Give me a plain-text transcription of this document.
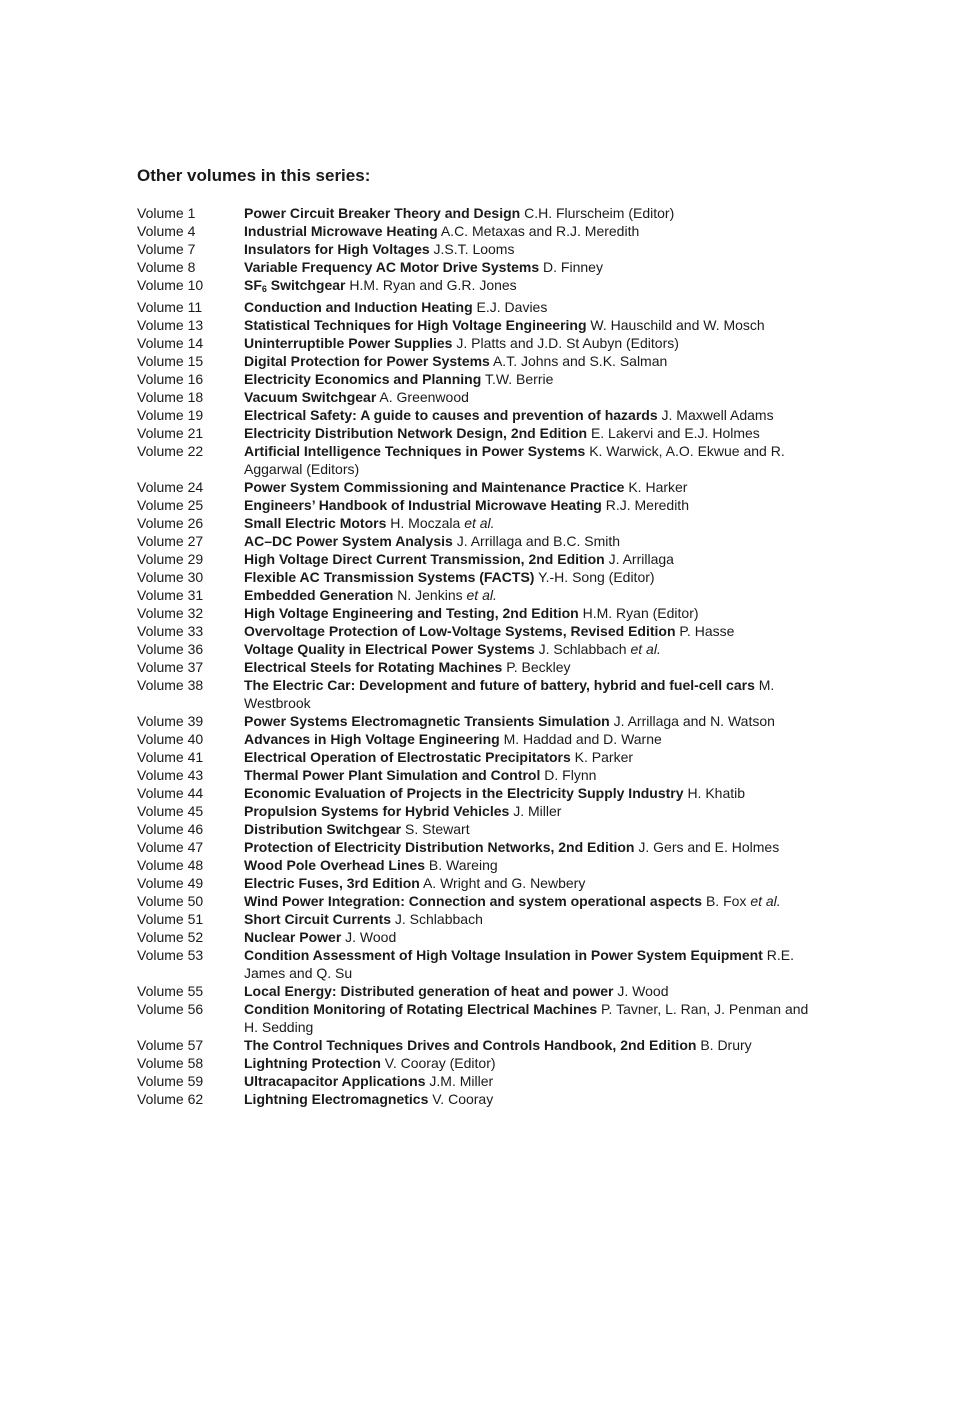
Other volumes in this series:
Volume 1	Power Circuit Breaker Theory and Design C.H. Flurscheim (Editor)
Volume 4	Industrial Microwave Heating A.C. Metaxas and R.J. Meredith
Volume 7	Insulators for High Voltages J.S.T. Looms
Volume 8	Variable Frequency AC Motor Drive Systems D. Finney
Volume 10	$SF_6$ Switchgear H.M. Ryan and G.R. Jones
Volume 11	Conduction and Induction Heating E.J. Davies
Volume 13	Statistical Techniques for High Voltage Engineering W. Hauschild and W. Mosch
Volume 14	Uninterruptible Power Supplies J. Platts and J.D. St Aubyn (Editors)
Volume 15	Digital Protection for Power Systems A.T. Johns and S.K. Salman
Volume 16	Electricity Economics and Planning T.W. Berrie
Volume 18	Vacuum Switchgear A. Greenwood
Volume 19	Electrical Safety: A guide to causes and prevention of hazards J. Maxwell Adams
Volume 21	Electricity Distribution Network Design, 2nd Edition E. Lakervi and E.J. Holmes
Volume 22	Artificial Intelligence Techniques in Power Systems K. Warwick, A.O. Ekwue and R. Aggarwal (Editors)
Volume 24	Power System Commissioning and Maintenance Practice K. Harker
Volume 25	Engineers’ Handbook of Industrial Microwave Heating R.J. Meredith
Volume 26	Small Electric Motors H. Moczala et al.
Volume 27	AC–DC Power System Analysis J. Arrillaga and B.C. Smith
Volume 29	High Voltage Direct Current Transmission, 2nd Edition J. Arrillaga
Volume 30	Flexible AC Transmission Systems (FACTS) Y.-H. Song (Editor)
Volume 31	Embedded Generation N. Jenkins et al.
Volume 32	High Voltage Engineering and Testing, 2nd Edition H.M. Ryan (Editor)
Volume 33	Overvoltage Protection of Low-Voltage Systems, Revised Edition P. Hasse
Volume 36	Voltage Quality in Electrical Power Systems J. Schlabbach et al.
Volume 37	Electrical Steels for Rotating Machines P. Beckley
Volume 38	The Electric Car: Development and future of battery, hybrid and fuel-cell cars M. Westbrook
Volume 39	Power Systems Electromagnetic Transients Simulation J. Arrillaga and N. Watson
Volume 40	Advances in High Voltage Engineering M. Haddad and D. Warne
Volume 41	Electrical Operation of Electrostatic Precipitators K. Parker
Volume 43	Thermal Power Plant Simulation and Control D. Flynn
Volume 44	Economic Evaluation of Projects in the Electricity Supply Industry H. Khatib
Volume 45	Propulsion Systems for Hybrid Vehicles J. Miller
Volume 46	Distribution Switchgear S. Stewart
Volume 47	Protection of Electricity Distribution Networks, 2nd Edition J. Gers and E. Holmes
Volume 48	Wood Pole Overhead Lines B. Wareing
Volume 49	Electric Fuses, 3rd Edition A. Wright and G. Newbery
Volume 50	Wind Power Integration: Connection and system operational aspects B. Fox et al.
Volume 51	Short Circuit Currents J. Schlabbach
Volume 52	Nuclear Power J. Wood
Volume 53	Condition Assessment of High Voltage Insulation in Power System Equipment R.E. James and Q. Su
Volume 55	Local Energy: Distributed generation of heat and power J. Wood
Volume 56	Condition Monitoring of Rotating Electrical Machines P. Tavner, L. Ran, J. Penman and H. Sedding
Volume 57	The Control Techniques Drives and Controls Handbook, 2nd Edition B. Drury
Volume 58	Lightning Protection V. Cooray (Editor)
Volume 59	Ultracapacitor Applications J.M. Miller
Volume 62	Lightning Electromagnetics V. Cooray
